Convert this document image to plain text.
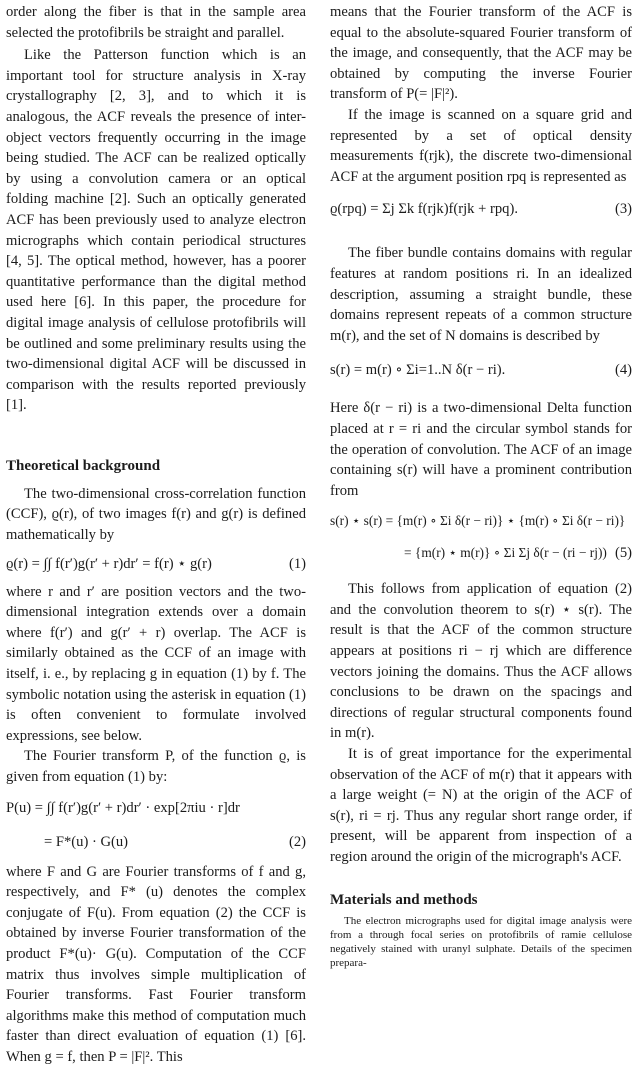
order along the fiber is that in the sample area selected the protofibrils be straight and parallel.

Like the Patterson function which is an important tool for structure analysis in X-ray crystallography [2, 3], and to which it is analogous, the ACF reveals the presence of inter-object vectors frequently occurring in the image being studied. The ACF can be realized optically by using a convolution camera or an optical folding machine [2]. Such an optically generated ACF has been previously used to analyze electron micrographs which contain periodical structures [4, 5]. The optical method, however, has a poorer quantitative performance than the digital method used here [6]. In this paper, the procedure for digital image analysis of cellulose protofibrils will be outlined and some preliminary results using the two-dimensional digital ACF will be discussed in comparison with the results reported previously [1].

Theoretical background

The two-dimensional cross-correlation function (CCF), ϱ(r), of two images f(r) and g(r) is defined mathematically by

ϱ(r) = ∫∫ f(r′)g(r′ + r)dr′ = f(r) ⋆ g(r)	(1)

where r and r′ are position vectors and the two-dimensional integration extends over a domain where f(r′) and g(r′ + r) overlap. The ACF is similarly obtained as the CCF of an image with itself, i. e., by replacing g in equation (1) by f. The symbolic notation using the asterisk in equation (1) is often convenient to formulate involved expressions, see below.

The Fourier transform P, of the function ϱ, is given from equation (1) by:

P(u) = ∫∫ f(r′)g(r′ + r)dr′ · exp[2πiu · r]dr
= F*(u) · G(u)	(2)

where F and G are Fourier transforms of f and g, respectively, and F* (u) denotes the complex conjugate of F(u). From equation (2) the CCF is obtained by inverse Fourier transformation of the product F*(u)· G(u). Computation of the CCF matrix thus involves simple multiplication of Fourier transforms. Fast Fourier transform algorithms make this method of computation much faster than direct evaluation of equation (1) [6]. When g = f, then P = |F|². This

means that the Fourier transform of the ACF is equal to the absolute-squared Fourier transform of the image, and consequently, that the ACF may be obtained by computing the inverse Fourier transform of P(= |F|²).

If the image is scanned on a square grid and represented by a set of optical density measurements f(rjk), the discrete two-dimensional ACF at the argument position rpq is represented as

ϱ(rpq) = Σj Σk f(rjk)f(rjk + rpq).	(3)

The fiber bundle contains domains with regular features at random positions ri. In an idealized description, assuming a straight bundle, these domains represent repeats of a common structure m(r), and the set of N domains is described by

s(r) = m(r) ∘ Σi=1..N δ(r − ri).	(4)

Here δ(r − ri) is a two-dimensional Delta function placed at r = ri and the circular symbol stands for the operation of convolution. The ACF of an image containing s(r) will have a prominent contribution from

s(r) ⋆ s(r) = {m(r) ∘ Σi δ(r − ri)} ⋆ {m(r) ∘ Σi δ(r − ri)}
= {m(r) ⋆ m(r)} ∘ Σi Σj δ(r − (ri − rj)) (5)

This follows from application of equation (2) and the convolution theorem to s(r) ⋆ s(r). The result is that the ACF of the common structure appears at positions ri − rj which are difference vectors joining the domains. Thus the ACF allows conclusions to be drawn on the spacings and directions of regular structural components found in m(r).

It is of great importance for the experimental observation of the ACF of m(r) that it appears with a large weight (= N) at the origin of the ACF of s(r), ri = rj. Thus any regular short range order, if present, will be apparent from inspection of a region around the origin of the micrograph's ACF.

Materials and methods

The electron micrographs used for digital image analysis were from a through focal series on protofibrils of ramie cellulose negatively stained with uranyl sulphate. Details of the specimen prepara-
